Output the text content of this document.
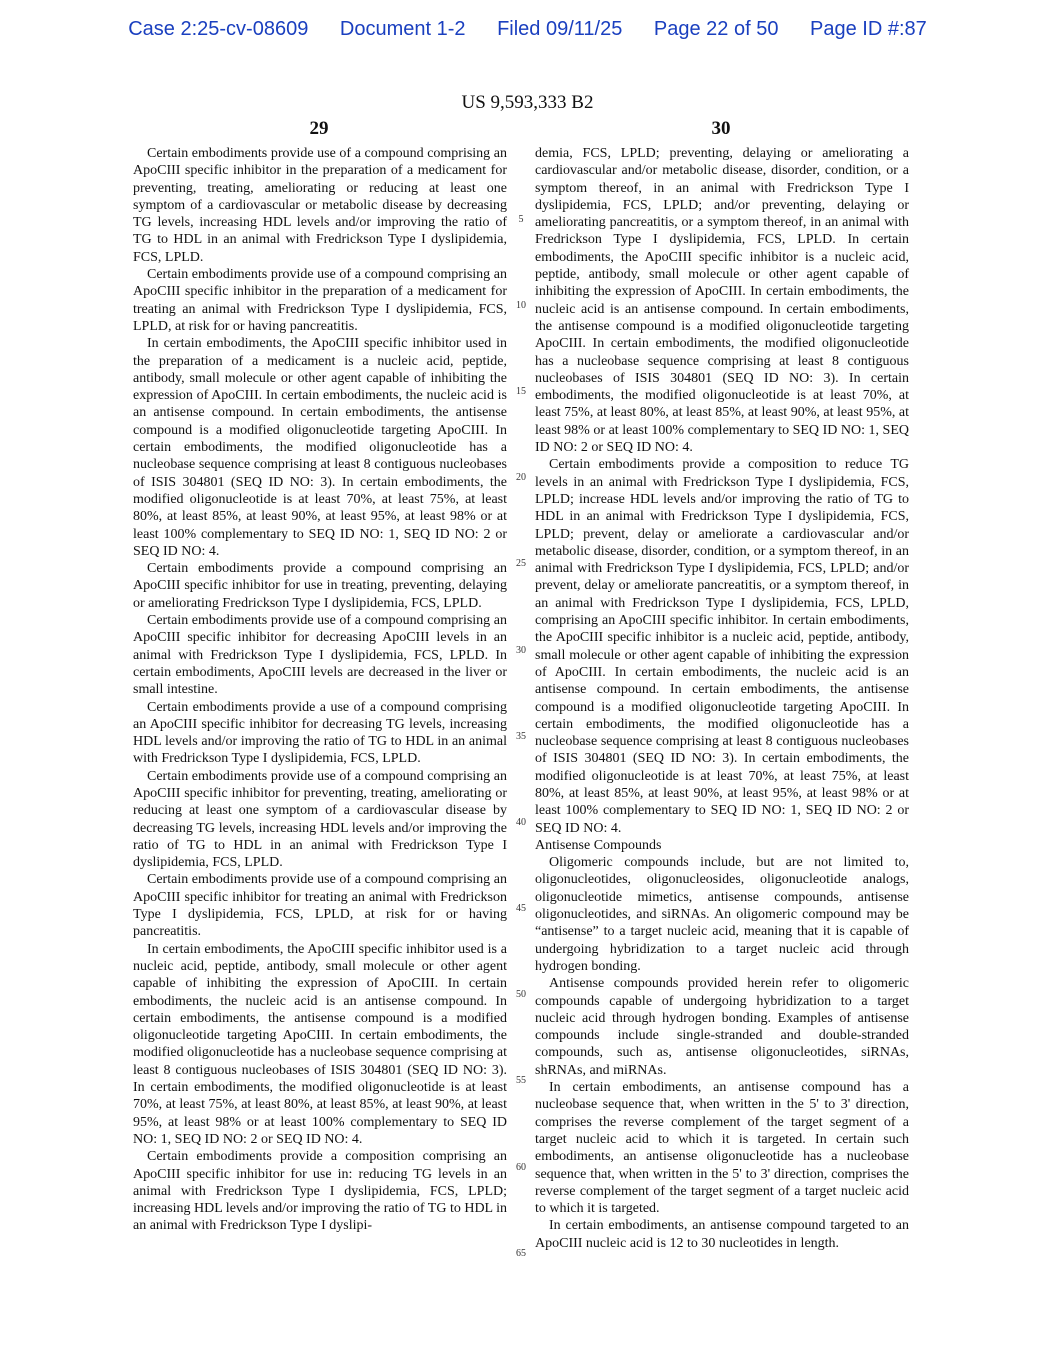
Case 2:25-cv-08609 Document 1-2 Filed 09/11/25 Page 22 of 50 Page ID #:87
US 9,593,333 B2
29	30

Certain embodiments provide use of a compound comprising an ApoCIII specific inhibitor in the preparation of a medicament for preventing, treating, ameliorating or reducing at least one symptom of a cardiovascular or metabolic disease by decreasing TG levels, increasing HDL levels and/or improving the ratio of TG to HDL in an animal with Fredrickson Type I dyslipidemia, FCS, LPLD.

Certain embodiments provide use of a compound comprising an ApoCIII specific inhibitor in the preparation of a medicament for treating an animal with Fredrickson Type I dyslipidemia, FCS, LPLD, at risk for or having pancreatitis.

In certain embodiments, the ApoCIII specific inhibitor used in the preparation of a medicament is a nucleic acid, peptide, antibody, small molecule or other agent capable of inhibiting the expression of ApoCIII. In certain embodiments, the nucleic acid is an antisense compound. In certain embodiments, the antisense compound is a modified oligonucleotide targeting ApoCIII. In certain embodiments, the modified oligonucleotide has a nucleobase sequence comprising at least 8 contiguous nucleobases of ISIS 304801 (SEQ ID NO: 3). In certain embodiments, the modified oligonucleotide is at least 70%, at least 75%, at least 80%, at least 85%, at least 90%, at least 95%, at least 98% or at least 100% complementary to SEQ ID NO: 1, SEQ ID NO: 2 or SEQ ID NO: 4.

Certain embodiments provide a compound comprising an ApoCIII specific inhibitor for use in treating, preventing, delaying or ameliorating Fredrickson Type I dyslipidemia, FCS, LPLD.

Certain embodiments provide use of a compound comprising an ApoCIII specific inhibitor for decreasing ApoCIII levels in an animal with Fredrickson Type I dyslipidemia, FCS, LPLD. In certain embodiments, ApoCIII levels are decreased in the liver or small intestine.

Certain embodiments provide a use of a compound comprising an ApoCIII specific inhibitor for decreasing TG levels, increasing HDL levels and/or improving the ratio of TG to HDL in an animal with Fredrickson Type I dyslipidemia, FCS, LPLD.

Certain embodiments provide use of a compound comprising an ApoCIII specific inhibitor for preventing, treating, ameliorating or reducing at least one symptom of a cardiovascular disease by decreasing TG levels, increasing HDL levels and/or improving the ratio of TG to HDL in an animal with Fredrickson Type I dyslipidemia, FCS, LPLD.

Certain embodiments provide use of a compound comprising an ApoCIII specific inhibitor for treating an animal with Fredrickson Type I dyslipidemia, FCS, LPLD, at risk for or having pancreatitis.

In certain embodiments, the ApoCIII specific inhibitor used is a nucleic acid, peptide, antibody, small molecule or other agent capable of inhibiting the expression of ApoCIII. In certain embodiments, the nucleic acid is an antisense compound. In certain embodiments, the antisense compound is a modified oligonucleotide targeting ApoCIII. In certain embodiments, the modified oligonucleotide has a nucleobase sequence comprising at least 8 contiguous nucleobases of ISIS 304801 (SEQ ID NO: 3). In certain embodiments, the modified oligonucleotide is at least 70%, at least 75%, at least 80%, at least 85%, at least 90%, at least 95%, at least 98% or at least 100% complementary to SEQ ID NO: 1, SEQ ID NO: 2 or SEQ ID NO: 4.

Certain embodiments provide a composition comprising an ApoCIII specific inhibitor for use in: reducing TG levels in an animal with Fredrickson Type I dyslipidemia, FCS, LPLD; increasing HDL levels and/or improving the ratio of TG to HDL in an animal with Fredrickson Type I dyslipi-

demia, FCS, LPLD; preventing, delaying or ameliorating a cardiovascular and/or metabolic disease, disorder, condition, or a symptom thereof, in an animal with Fredrickson Type I dyslipidemia, FCS, LPLD; and/or preventing, delaying or ameliorating pancreatitis, or a symptom thereof, in an animal with Fredrickson Type I dyslipidemia, FCS, LPLD. In certain embodiments, the ApoCIII specific inhibitor is a nucleic acid, peptide, antibody, small molecule or other agent capable of inhibiting the expression of ApoCIII. In certain embodiments, the nucleic acid is an antisense compound. In certain embodiments, the antisense compound is a modified oligonucleotide targeting ApoCIII. In certain embodiments, the modified oligonucleotide has a nucleobase sequence comprising at least 8 contiguous nucleobases of ISIS 304801 (SEQ ID NO: 3). In certain embodiments, the modified oligonucleotide is at least 70%, at least 75%, at least 80%, at least 85%, at least 90%, at least 95%, at least 98% or at least 100% complementary to SEQ ID NO: 1, SEQ ID NO: 2 or SEQ ID NO: 4.

Certain embodiments provide a composition to reduce TG levels in an animal with Fredrickson Type I dyslipidemia, FCS, LPLD; increase HDL levels and/or improving the ratio of TG to HDL in an animal with Fredrickson Type I dyslipidemia, FCS, LPLD; prevent, delay or ameliorate a cardiovascular and/or metabolic disease, disorder, condition, or a symptom thereof, in an animal with Fredrickson Type I dyslipidemia, FCS, LPLD; and/or prevent, delay or ameliorate pancreatitis, or a symptom thereof, in an animal with Fredrickson Type I dyslipidemia, FCS, LPLD, comprising an ApoCIII specific inhibitor. In certain embodiments, the ApoCIII specific inhibitor is a nucleic acid, peptide, antibody, small molecule or other agent capable of inhibiting the expression of ApoCIII. In certain embodiments, the nucleic acid is an antisense compound. In certain embodiments, the antisense compound is a modified oligonucleotide targeting ApoCIII. In certain embodiments, the modified oligonucleotide has a nucleobase sequence comprising at least 8 contiguous nucleobases of ISIS 304801 (SEQ ID NO: 3). In certain embodiments, the modified oligonucleotide is at least 70%, at least 75%, at least 80%, at least 85%, at least 90%, at least 95%, at least 98% or at least 100% complementary to SEQ ID NO: 1, SEQ ID NO: 2 or SEQ ID NO: 4.

Antisense Compounds

Oligomeric compounds include, but are not limited to, oligonucleotides, oligonucleosides, oligonucleotide analogs, oligonucleotide mimetics, antisense compounds, antisense oligonucleotides, and siRNAs. An oligomeric compound may be “antisense” to a target nucleic acid, meaning that it is capable of undergoing hybridization to a target nucleic acid through hydrogen bonding.

Antisense compounds provided herein refer to oligomeric compounds capable of undergoing hybridization to a target nucleic acid through hydrogen bonding. Examples of antisense compounds include single-stranded and double-stranded compounds, such as, antisense oligonucleotides, siRNAs, shRNAs, and miRNAs.

In certain embodiments, an antisense compound has a nucleobase sequence that, when written in the 5' to 3' direction, comprises the reverse complement of the target segment of a target nucleic acid to which it is targeted. In certain such embodiments, an antisense oligonucleotide has a nucleobase sequence that, when written in the 5' to 3' direction, comprises the reverse complement of the target segment of a target nucleic acid to which it is targeted.

In certain embodiments, an antisense compound targeted to an ApoCIII nucleic acid is 12 to 30 nucleotides in length.

5
10
15
20
25
30
35
40
45
50
55
60
65
